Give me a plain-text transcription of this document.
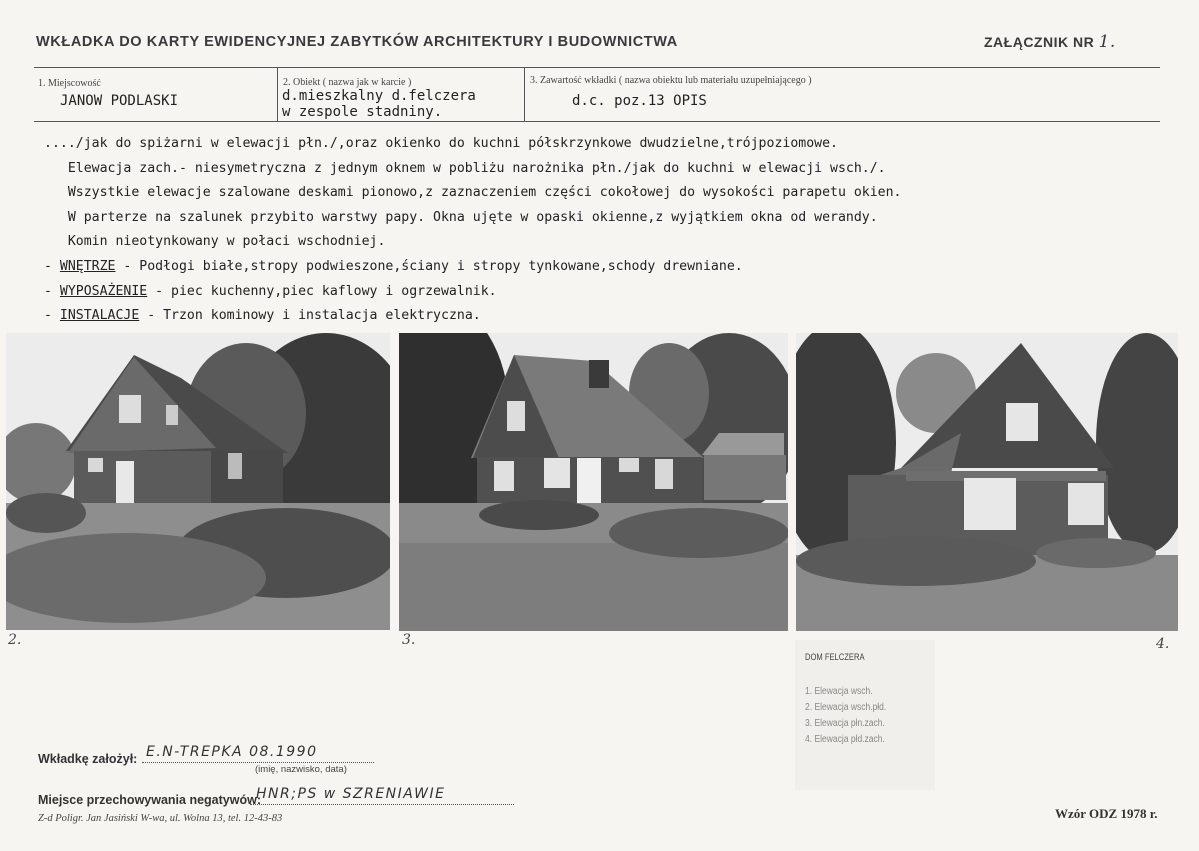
WKŁADKA DO KARTY EWIDENCYJNEJ ZABYTKÓW ARCHITEKTURY I BUDOWNICTWA	ZAŁĄCZNIK NR 1.
1. Miejscowość
JANOW PODLASKI
2. Obiekt ( nazwa jak w karcie )
d.mieszkalny d.felczera
w zespole stadniny.
3. Zawartość wkładki ( nazwa obiektu lub materiału uzupełniającego )
d.c. poz.13 OPIS
..../jak do spiżarni w elewacji płn./,oraz okienko do kuchni półskrzynkowe dwudzielne,trójpoziomowe.
Elewacja zach.- niesymetryczna z jednym oknem w pobliżu narożnika płn./jak do kuchni w elewacji wsch./.
Wszystkie elewacje szalowane deskami pionowo,z zaznaczeniem części cokołowej do wysokości parapetu okien.
W parterze na szalunek przybito warstwy papy. Okna ujęte w opaski okienne,z wyjątkiem okna od werandy.
Komin nieotynkowany w połaci wschodniej.
- WNĘTRZE - Podłogi białe,stropy podwieszone,ściany i stropy tynkowane,schody drewniane.
- WYPOSAŻENIE - piec kuchenny,piec kaflowy i ogrzewalnik.
- INSTALACJE - Trzon kominowy i instalacja elektryczna.
2.	3.	4.
DOM FELCZERA
1. Elewacja wsch.
2. Elewacja wsch.płd.
3. Elewacja płn.zach.
4. Elewacja płd.zach.
Wkładkę założył: E.N-TREPKA 08.1990
(imię, nazwisko, data)
Miejsce przechowywania negatywów:
HNR;PS w SZRENIAWIE
Z-d Poligr. Jan Jasiński W-wa, ul. Wolna 13, tel. 12-43-83	Wzór ODZ 1978 r.
